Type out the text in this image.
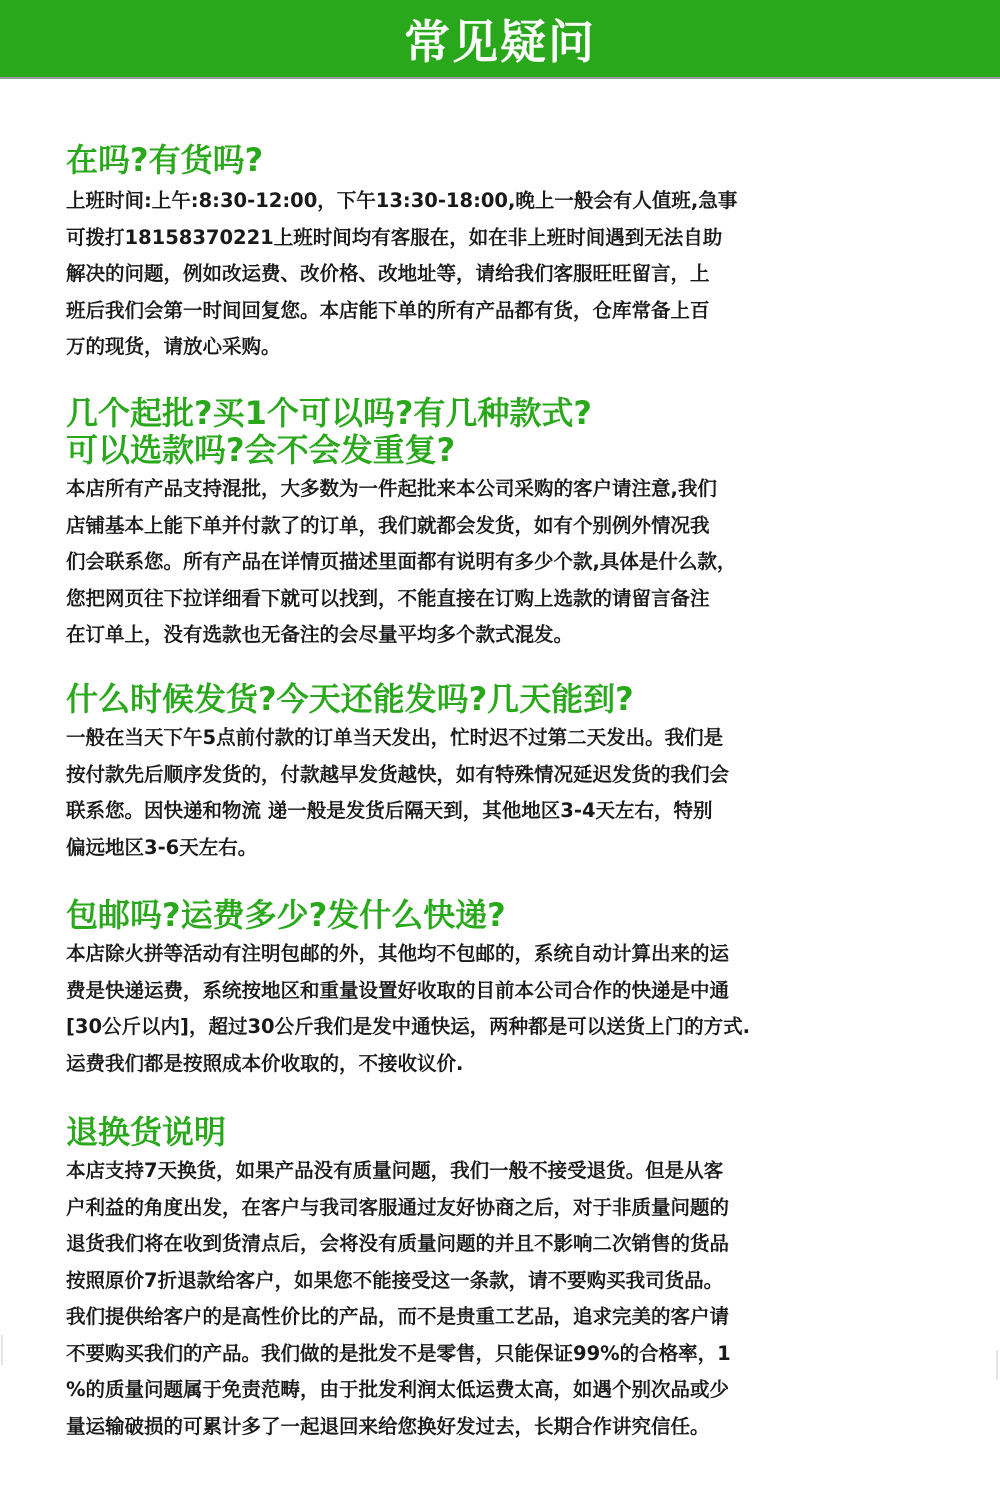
常见疑问
在吗?有货吗?

上班时间:上午:8:30-12:00，下午13:30-18:00,晚上一般会有人值班,急事

可拨打18158370221上班时间均有客服在，如在非上班时间遇到无法自助

解决的问题，例如改运费、改价格、改地址等，请给我们客服旺旺留言，上

班后我们会第一时间回复您。本店能下单的所有产品都有货，仓库常备上百

万的现货，请放心采购。

几个起批?买1个可以吗?有几种款式?
可以选款吗?会不会发重复?

本店所有产品支持混批，大多数为一件起批来本公司采购的客户请注意,我们

店铺基本上能下单并付款了的订单，我们就都会发货，如有个别例外情况我

们会联系您。所有产品在详情页描述里面都有说明有多少个款,具体是什么款，

您把网页往下拉详细看下就可以找到，不能直接在订购上选款的请留言备注

在订单上，没有选款也无备注的会尽量平均多个款式混发。

什么时候发货?今天还能发吗?几天能到?

一般在当天下午5点前付款的订单当天发出，忙时迟不过第二天发出。我们是

按付款先后顺序发货的，付款越早发货越快，如有特殊情况延迟发货的我们会

联系您。因快递和物流 递一般是发货后隔天到，其他地区3-4天左右，特别

偏远地区3-6天左右。

包邮吗?运费多少?发什么快递?

本店除火拼等活动有注明包邮的外，其他均不包邮的，系统自动计算出来的运

费是快递运费，系统按地区和重量设置好收取的目前本公司合作的快递是中通

[30公斤以内]，超过30公斤我们是发中通快运，两种都是可以送货上门的方式.

运费我们都是按照成本价收取的，不接收议价.

退换货说明

本店支持7天换货，如果产品没有质量问题，我们一般不接受退货。但是从客

户利益的角度出发，在客户与我司客服通过友好协商之后，对于非质量问题的

退货我们将在收到货清点后，会将没有质量问题的并且不影响二次销售的货品

按照原价7折退款给客户，如果您不能接受这一条款，请不要购买我司货品。

我们提供给客户的是高性价比的产品，而不是贵重工艺品，追求完美的客户请

不要购买我们的产品。我们做的是批发不是零售，只能保证99%的合格率，1

%的质量问题属于免责范畴，由于批发利润太低运费太高，如遇个别次品或少

量运输破损的可累计多了一起退回来给您换好发过去，长期合作讲究信任。
